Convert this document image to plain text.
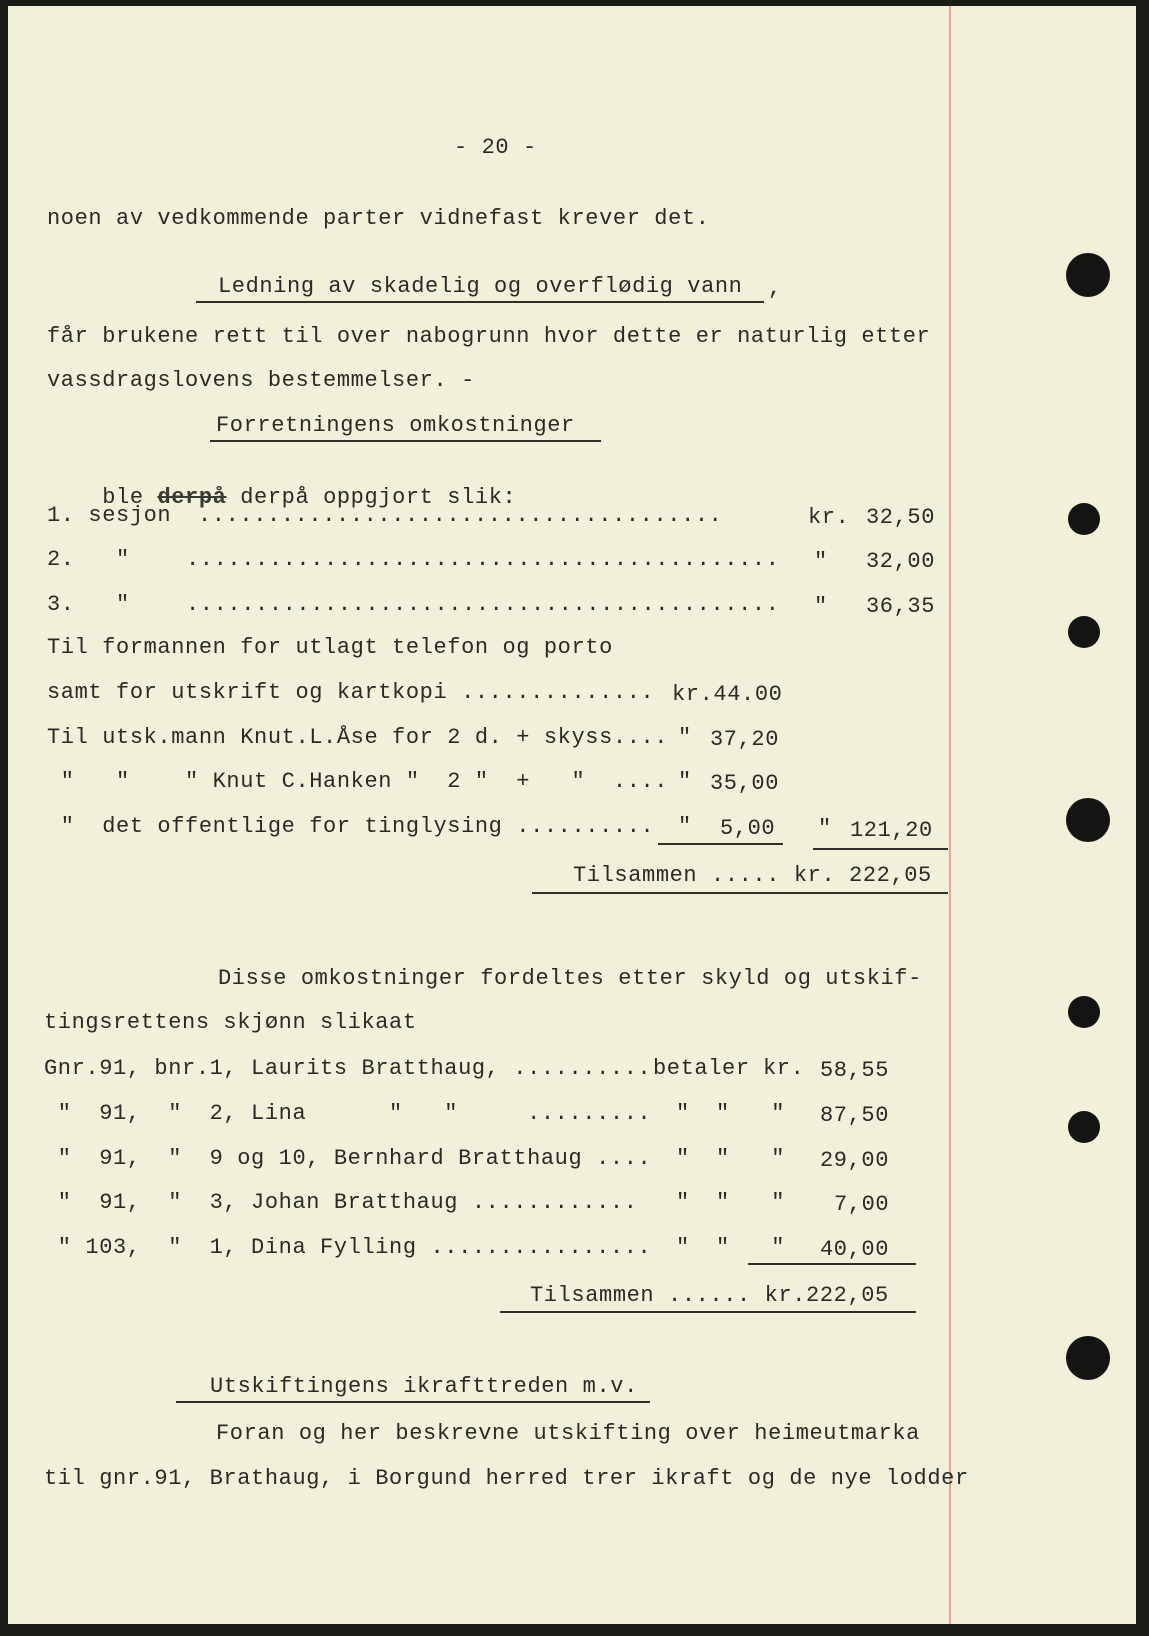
- 20 -
noen av vedkommende parter vidnefast krever det.
Ledning av skadelig og overflødig vann	,
får brukene rett til over nabogrunn hvor dette er naturlig etter
vassdragslovens bestemmelser. -
Forretningens omkostninger

ble derpå derpå oppgjort slik:

1. sesjon ......................................	kr. 32,50
2.   "	........................................... " 32,00
3.   "	........................................... " 36,35
Til formannen for utlagt telefon og porto
samt for utskrift og kartkopi .............. kr.44.00
Til utsk.mann Knut.L.Åse for 2 d. + skyss.... " 37,20
"   "    " Knut C.Hanken "  2 "  +   "  .... " 35,00
"  det offentlige for tinglysing .......... " 5,00 " 121,20
Tilsammen ..... kr. 222,05
Disse omkostninger fordeltes etter skyld og utskif-
tingsrettens skjønn slikaat
Gnr.91, bnr.1, Laurits Bratthaug, .......... betaler kr. 58,55
"  91,  "  2, Lina      "   "     ......... " "   " 87,50
"  91,  "  9 og 10, Bernhard Bratthaug .... " "   " 29,00
"  91,  "  3, Johan Bratthaug ............ " "   " 7,00
" 103,  "  1, Dina Fylling ................ " "   " 40,00
Tilsammen ...... kr.222,05
Utskiftingens ikrafttreden m.v.
Foran og her beskrevne utskifting over heimeutmarka
til gnr.91, Brathaug, i Borgund herred trer ikraft og de nye lodder
